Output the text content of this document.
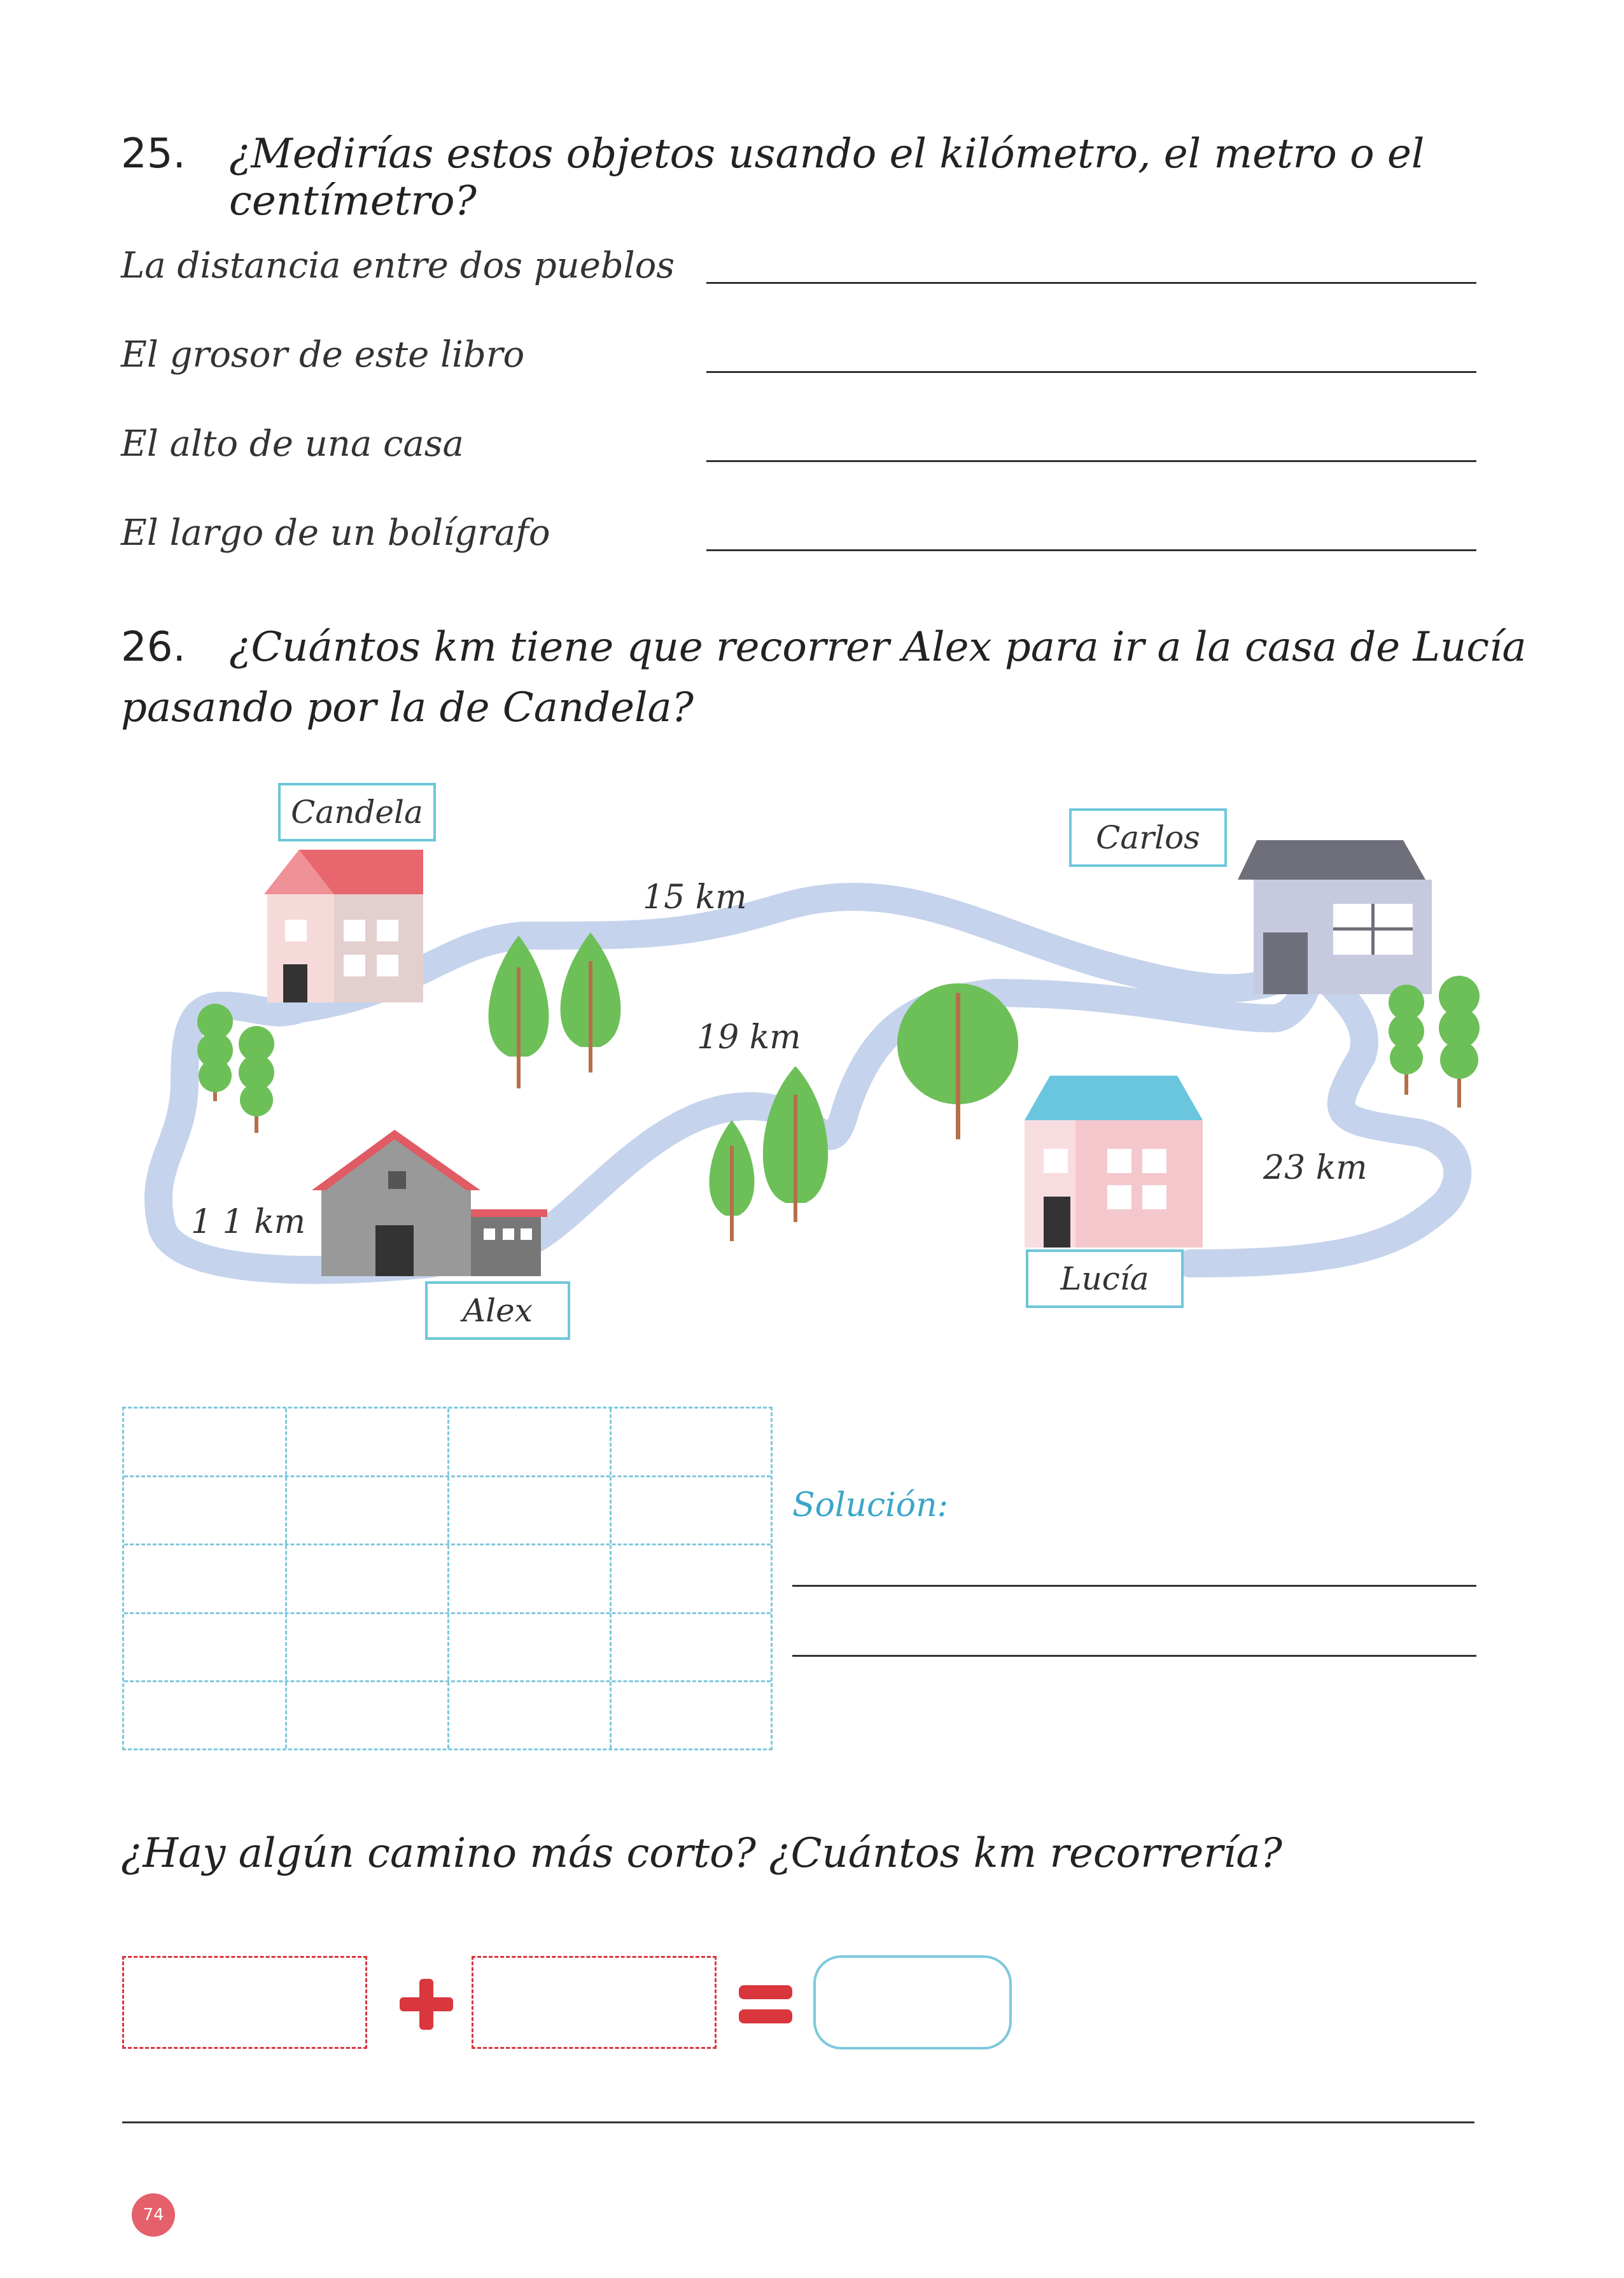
25. ¿Medirías estos objetos usando el kilómetro, el metro o el centímetro?
La distancia entre dos pueblos
El grosor de este libro
El alto de una casa
El largo de un bolígrafo
26. ¿Cuántos km tiene que recorrer Alex para ir a la casa de Lucía
pasando por la de Candela?
Candela
Carlos
Alex
Lucía
15 km
19 km
1 1 km
23 km
Solución:
¿Hay algún camino más corto? ¿Cuántos km recorrería?
74
